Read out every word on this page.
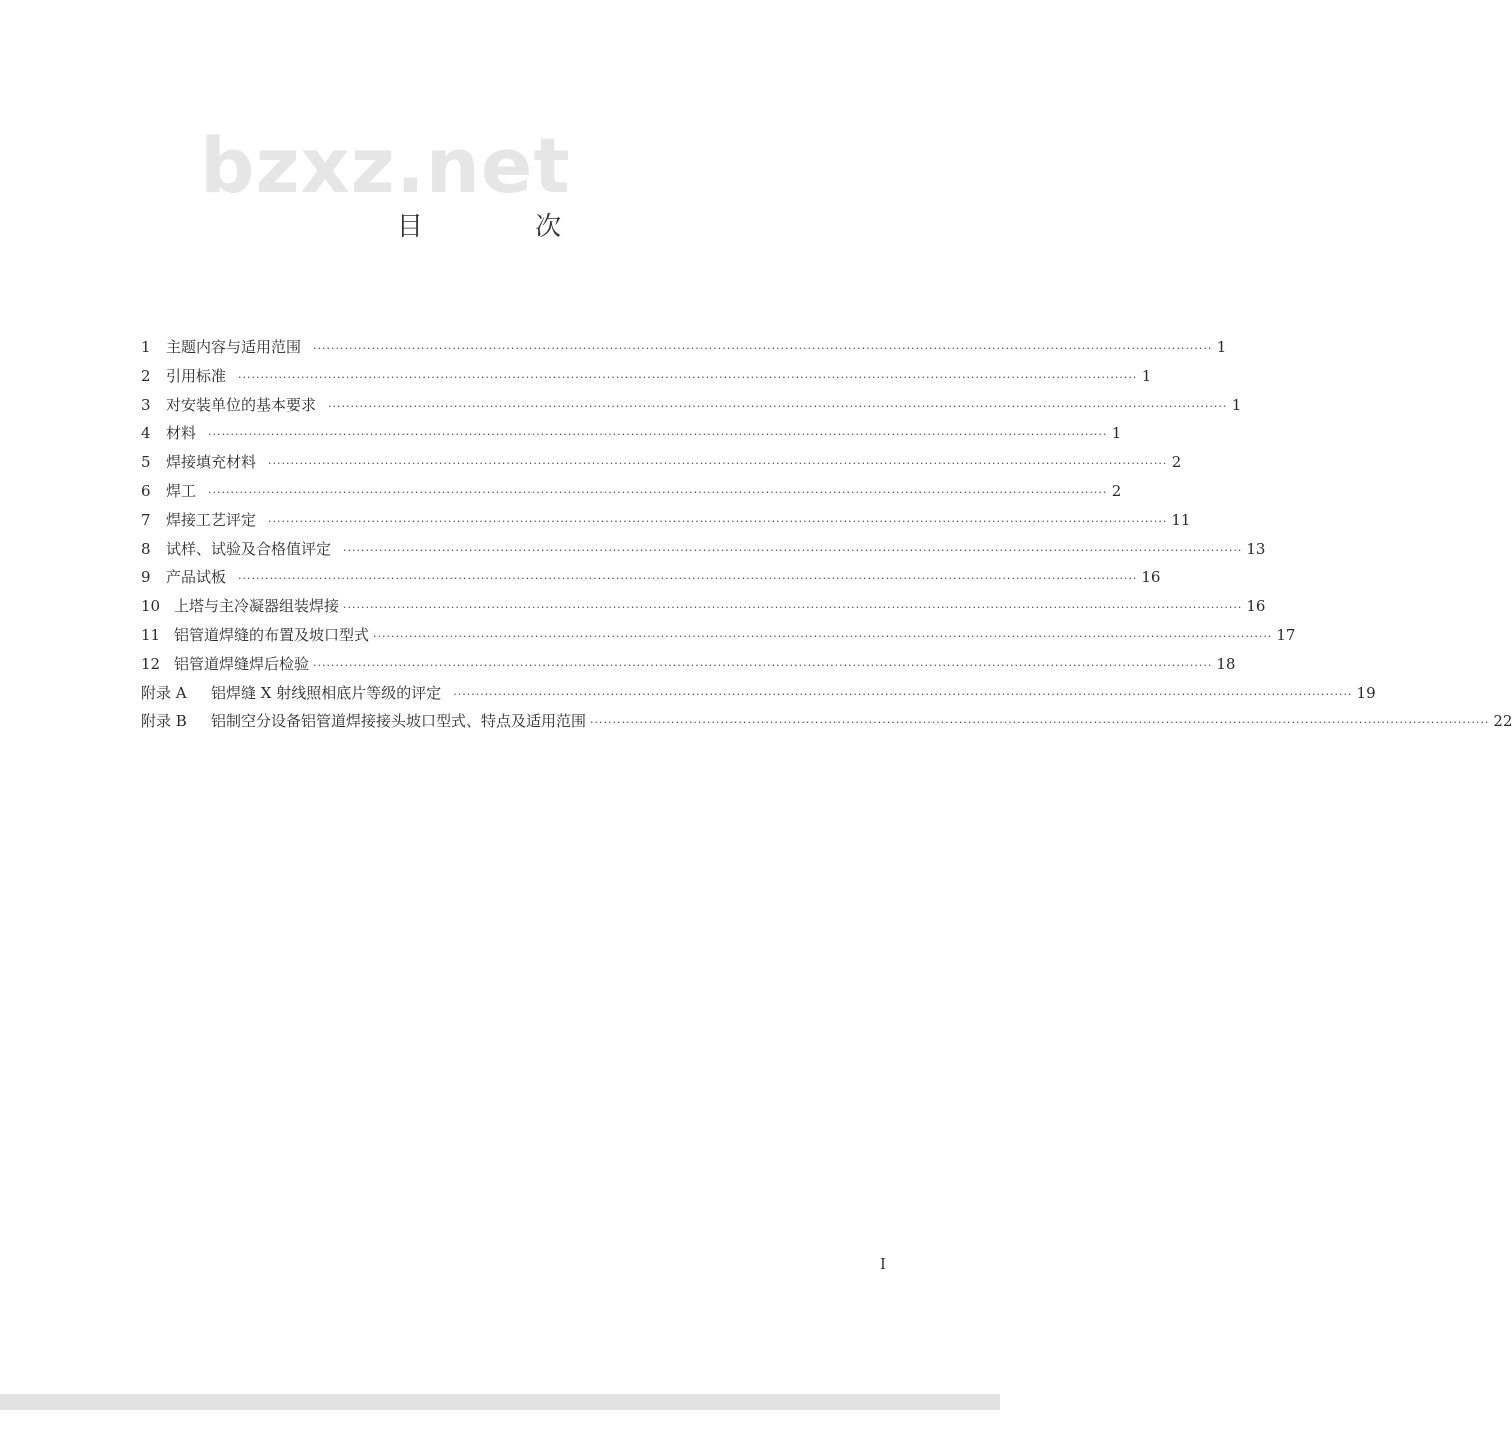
bzxz.net
目 次
1	主题内容与适用范围 ········································································································································································································ 1
2	引用标准 ········································································································································································································ 1
3	对安装单位的基本要求 ········································································································································································································ 1
4	材料 ········································································································································································································ 1
5	焊接填充材料 ········································································································································································································ 2
6	焊工 ········································································································································································································ 2
7	焊接工艺评定 ········································································································································································································ 11
8	试样、试验及合格值评定 ········································································································································································································ 13
9	产品试板 ········································································································································································································ 16
10 上塔与主冷凝器组装焊接 ········································································································································································································ 16
11 铝管道焊缝的布置及坡口型式 ········································································································································································································ 17
12 铝管道焊缝焊后检验 ········································································································································································································ 18
附录 A	铝焊缝 X 射线照相底片等级的评定 ········································································································································································································ 19
附录 B	铝制空分设备铝管道焊接接头坡口型式、特点及适用范围 ········································································································································································································ 22
I
